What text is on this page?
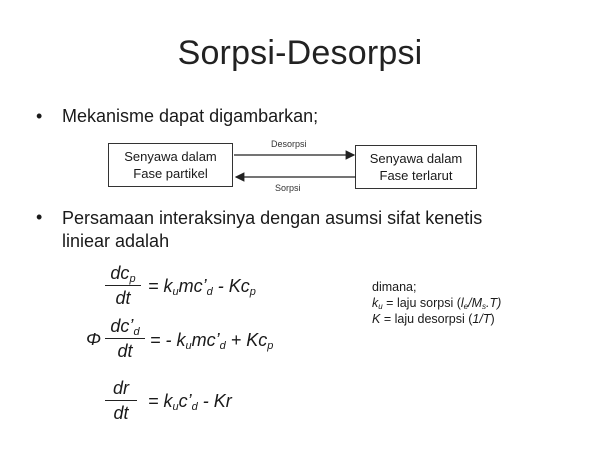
Sorpsi-Desorpsi
• Mekanisme dapat digambarkan;
Senyawa dalam
Fase partikel
Senyawa dalam
Fase terlarut
Desorpsi
Sorpsi
• Persamaan interaksinya dengan asumsi sifat kenetis
liniear adalah
$dc_p$
dt
= $k_umc’_d - Kc_p$
Φ
$dc’_d$
dt
= - $k_umc’_d + Kc_p$
dr
dt
= $k_uc’_d$ - Kr
dimana;
$k_u$ = laju sorpsi $(l_e/M_s.T)$
K = laju desorpsi (1/T)
